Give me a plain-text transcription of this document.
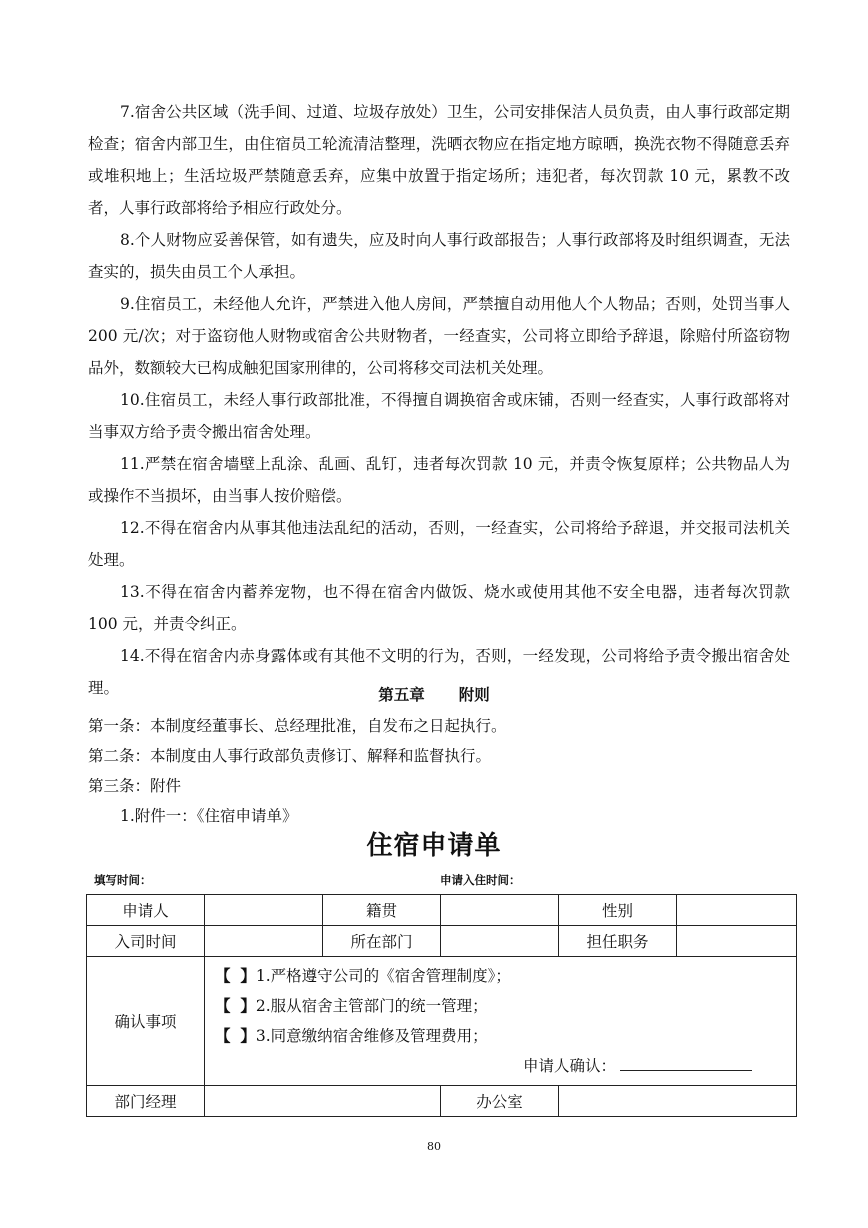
7.宿舍公共区域（洗手间、过道、垃圾存放处）卫生，公司安排保洁人员负责，由人事行政部定期检查；宿舍内部卫生，由住宿员工轮流清洁整理，洗晒衣物应在指定地方晾晒，换洗衣物不得随意丢弃或堆积地上；生活垃圾严禁随意丢弃，应集中放置于指定场所；违犯者，每次罚款 10 元，累教不改者，人事行政部将给予相应行政处分。

8.个人财物应妥善保管，如有遗失，应及时向人事行政部报告；人事行政部将及时组织调查，无法查实的，损失由员工个人承担。

9.住宿员工，未经他人允许，严禁进入他人房间，严禁擅自动用他人个人物品；否则，处罚当事人 200 元/次；对于盗窃他人财物或宿舍公共财物者，一经查实，公司将立即给予辞退，除赔付所盗窃物品外，数额较大已构成触犯国家刑律的，公司将移交司法机关处理。

10.住宿员工，未经人事行政部批准，不得擅自调换宿舍或床铺，否则一经查实，人事行政部将对当事双方给予责令搬出宿舍处理。

11.严禁在宿舍墙壁上乱涂、乱画、乱钉，违者每次罚款 10 元，并责令恢复原样；公共物品人为或操作不当损坏，由当事人按价赔偿。

12.不得在宿舍内从事其他违法乱纪的活动，否则，一经查实，公司将给予辞退，并交报司法机关处理。

13.不得在宿舍内蓄养宠物，也不得在宿舍内做饭、烧水或使用其他不安全电器，违者每次罚款 100 元，并责令纠正。

14.不得在宿舍内赤身露体或有其他不文明的行为，否则，一经发现，公司将给予责令搬出宿舍处理。	第五章 附则

第一条：本制度经董事长、总经理批准，自发布之日起执行。

第二条：本制度由人事行政部负责修订、解释和监督执行。

第三条：附件

1.附件一：《住宿申请单》

住宿申请单
填写时间：	申请入住时间：
申请人		籍贯		性别	
入司时间		所在部门		担任职务	
确认事项	【 】1.严格遵守公司的《宿舍管理制度》；
【 】2.服从宿舍主管部门的统一管理；
【 】3.同意缴纳宿舍维修及管理费用；
申请人确认：				

部门经理			办公室		
80
